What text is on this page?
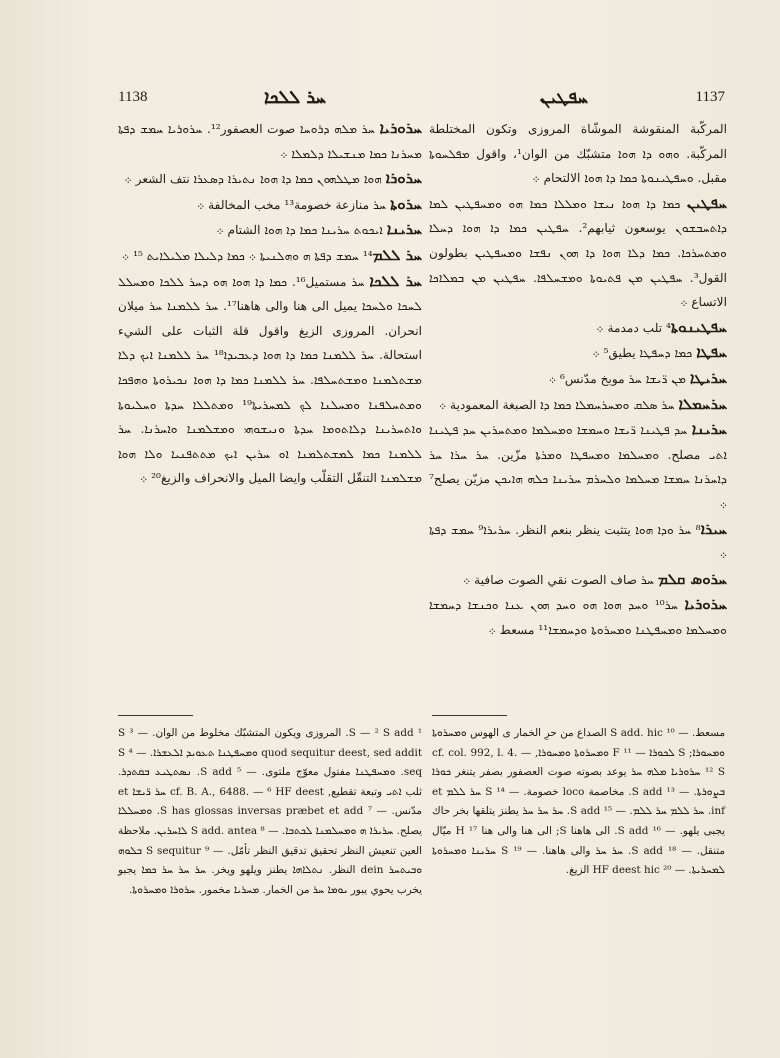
1138	ܚܪ ܠܠܟܐ	ܚܦܛܝܢ	1137

ܚܪܘܪܝܐ ܚܪ ܡܠܗ ܕܪܘܚܐ صوت العصفور¹². ܚܪܘܪܝܐ ܚܡܫ ܕܦܬܐ ܡܚܪܢܐ ܟܡܐ ܡܢܫܝܠܐ ܕܠܡܠܐ ܀

ܚܪܘܪܐ ܗܘܐ ܡܛܠܗܘܢ ܟܡܐ ܕܐ ܗܘܐ ܢܬܝܪܐ ܕܣܥܪܐ نتف الشعر ܀

ܚܪܘܬܐ ܚܪ منازعة خصومة¹³ مخب المخالفة ܀

ܚܪܝܢܐ ܐܝܟܘܬ ܚܪܝܢܐ ܟܡܐ ܕܐ ܗܘܐ الشتام ܀

ܚܪ ܠܠܡ¹⁴ ܚܡܫ ܕܦܬܐ ܗ ܘܗܠܢܝܬܐ ܀ ܟܡܐ ܕܠܝܠܐ ܡܠܝܠܐܝܬ ¹⁵ ܀

ܚܪ ܠܠܟܐ ܚܪ مستميل¹⁶. ܟܡܐ ܕܐ ܗܘܐ ܗܘ ܕܚܪ ܠܠܟܐ ܘܡܚܠܠ ܠܚܟܐ ܘܠܚܟܐ يميل الى هنا والى هاهنا¹⁷. ܚܪ ܠܠܡܢܐ ܚܪ ميلان انحران. المروزى الزيغ واقول قلة الثبات على الشيء استحالة. ܚܪ ܠܠܡܢܐ ܟܡܐ ܕܐ ܗܘܐ ܕܥܒܝܕܐ¹⁸ ܚܪ ܠܠܡܢܐ ܐܝܟ ܕܠܐ ܡܫܬܠܡܢܐ ܘܡܫܬܚܠܦܐ. ܚܪ ܠܠܡܢܐ ܟܡܐ ܕܐ ܗܘܐ ܢܟܝܪܘܬܐ ܘܗܦܟܐ ܘܡܬܚܠܦܢܐ ܘܡܚܠܢܐ ܠܟ ܠܡܚܪܝܬܐ¹⁹ ܘܡܬܠܠܐ ܚܕܬܐ ܘܚܠܝܘܬܐ ܘܐܬܚܪܝܢܐ ܕܠܐܬܘܡܐ ܚܕܬܐ ܘܢܝܫܘܗܝ ܘܡܫܠܡܢܐ ܘܐܚܪܢܐ. ܚܪ ܠܠܡܢܐ ܟܡܐ ܠܡܫܬܠܡܢܐ ܐܘ ܚܪܝܢ ܐܝܟ ܡܬܬܦܢܝܐ ܘܠܐ ܗܘܐ ܡܫܠܡܢܐ التنقّل التقلّب وايضا الميل والانحراف والزيغ²⁰ ܀

المركّبة المنقوشة الموشّاة المروزى وتكون المختلطة المركّبة. ܘܗܘ ܕܐ ܗܘܐ متشبّك من الوان¹، واقول ܡܦܠܚܘܬܐ مقبل. ܘܚܦܛܝܢܘܬܐ ܟܡܐ ܕܐ ܗܘܐ الالتحام ܀

ܚܦܛܝܢ ܟܡܐ ܕܐ ܗܘܐ ܢܝܫܐ ܘܡܠܠܐ ܟܡܐ ܗܘ ܘܡܚܦܛܝܢ ܠܡܐ ܕܐܬܚܒܫܘܢ يوسعون ثيابهم². ܚܦܛܝܢ ܟܡܐ ܕܐ ܗܘܐ ܕܚܠܐ ܘܡܬܚܪܟܐ. ܟܡܐ ܕܠܐ ܗܘܐ ܕܐ ܗܘܢ ܢܦܫܐ ܘܡܚܦܛܝܢ بطولون القول³. ܚܦܛܝܢ ܡܢ ܦܬܝܘܬܐ ܘܡܫܚܠܦܐ. ܚܦܛܝܢ ܡܢ ܒܡܠܐܟܐ الاتساع ܀

ܚܦܛܝܢܘܬܐ⁴ تلب دمدمة ܀

ܚܦܛܐ ܟܡܐ ܕܚܦܛܐ يطيق⁵ ܀

ܚܪܝܛܐ ܡܢ ܪ̈ܝܫܐ ܚܪ موبخ مدّنس⁶ ܀

ܚܪܚܡܠܐ ܚܪ ܣܠܩ ܘܡܚܪܚܡܠܐ ܟܡܐ ܕܐ الصبغة المعمودية ܀

ܚܪܝܢܐ ܚܕ ܦܛܝܢܐ ܪ̈ܝܫܐ ܘܚܡܫܐ ܘܡܚܠܡܐ ܘܡܬܚܪܝܢ ܚܕ ܦܛܝܢܐ ܐܬܝ مصلح. ܘܡܚܠܡܐ ܘܡܚܦܛܐ ܘܡܪܬܐ مزّين. ܚܪ ܚܪܐ ܚܪ ܕܐܚܪܢܐ ܚܡܫܐ ܡܚܠܡܐ ܘܠܚܪܡ ܚܪܝܢܐ ܟܠܗ ܗܐܝܟܢ مزيّن يصلح⁷ ܀

ܚܝܪܐ⁸ ܚܪ ܘܕܐ ܗܘܐ يتثبت ينظر بنعم النظر. ܚܪܝܪܐ⁹ ܚܡܫ ܕܦܬܐ ܀

ܚܪܘܣ ܩܠܡ ܚܪ صاف الصوت نقي الصوت صافية ܀

ܚܪܘܪܝܐ ܚܪ¹⁰ ܘܚܕ ܗܘܐ ܗܘ ܘܚܕ ܗܘܢ ܥܢܐ ܘܟܢܫܐ ܕܚܡܫܐ ܘܡܚܠܡܐ ܘܡܚܦܛܢܐ ܘܡܚܪܘܬܐ ܘܕܚܡܫܐ¹¹ مسعط ܀

¹ S — ² S add. المروزى ويكون المتشبّك مخلوط من الوان. — ³ S quod sequitur deest, sed addit ܘܡܚܦܛܢܐ ܬܥܘܝܕ ܐܠܥܫܪܐ. — ⁴ S seq. ܘܡܚܦܛܢܐ مفتول معوّج ملتوى. — ⁵ S add. ܢܣܬܛܝܥ ܒܩܬܕܪ. ثلب ܐܬܝ وتبعة تقطيع, cf. B. A., 6488. — ⁶ HF deest ܚܪ ܪ̈ܝܫܐ et مدّنس. — ⁷ S has glossas inversas præbet et add. ܘܡܚܠܠܐ يصلح. ܚܪܝܪܐ ܗ ܘܡܚܠܡܢܐ ܠܟܬܒܐ. — ⁸ S add. antea ܠܐܚܪܝܢ. ملاحظة العين تنعيش النظر تحقيق تدقيق النظر تأمّل. — ⁹ S sequitur ܒܠܘܗ ܘܒܝܬܚܪ dein النظر. ܢܬܠܐܗܐ يطنز ويلهو ويخر. ܚܪ ܚܪ ܚܪ ܟܡܐ يجبو يخرب يحوي يبور ܝܘܡܐ ܚܪ من الخمار. ܡܚܪܝܐ مخمور. ܚܪܘܪܐ ܘܡܚܪܘܬܐ.

مسعط. — ¹⁰ S add. hic الصداع من حرِ الخمار ى الهوس ܘܡܚܪܘܬܐ ܘܡܚܘܪܐ; S ܠܟܘܪܐ — ¹¹ F ܘܡܚܪܘܬܐ ܘܡܚܘܪܐ, cf. col. 992, l. 4. — ¹² S ܚܪܘܪܝܐ ܡܠܗ ܚܪ يوعد بصوته صوت العصفور بصفر يتنغر ܟܘܪܐ ܒܨܘܪܬܐ. — ¹³ S add. مخاصمة loco خصومة. — ¹⁴ S ܚܪ ܠܠܡ et inf. ܚܪ ܠܠܡ ܚܪ ܠܠܡ. — ¹⁵ S add. ܚܪ ܚܪ ܚܪ يطنز يتلقها بخر حاك يجبى يلهو. — ¹⁶ S add. الى هاهنا S; الى هنا والى هنا ¹⁷ H ميّال متنقل. — ¹⁸ S add. ܚܪ ܚܪ والى هاهنا. — ¹⁹ S ܚܪܝܢܐ ܘܡܚܪܘܬܐ ܠܡܚܪܝܬܐ. — ²⁰ HF deest hic الزيغ.
